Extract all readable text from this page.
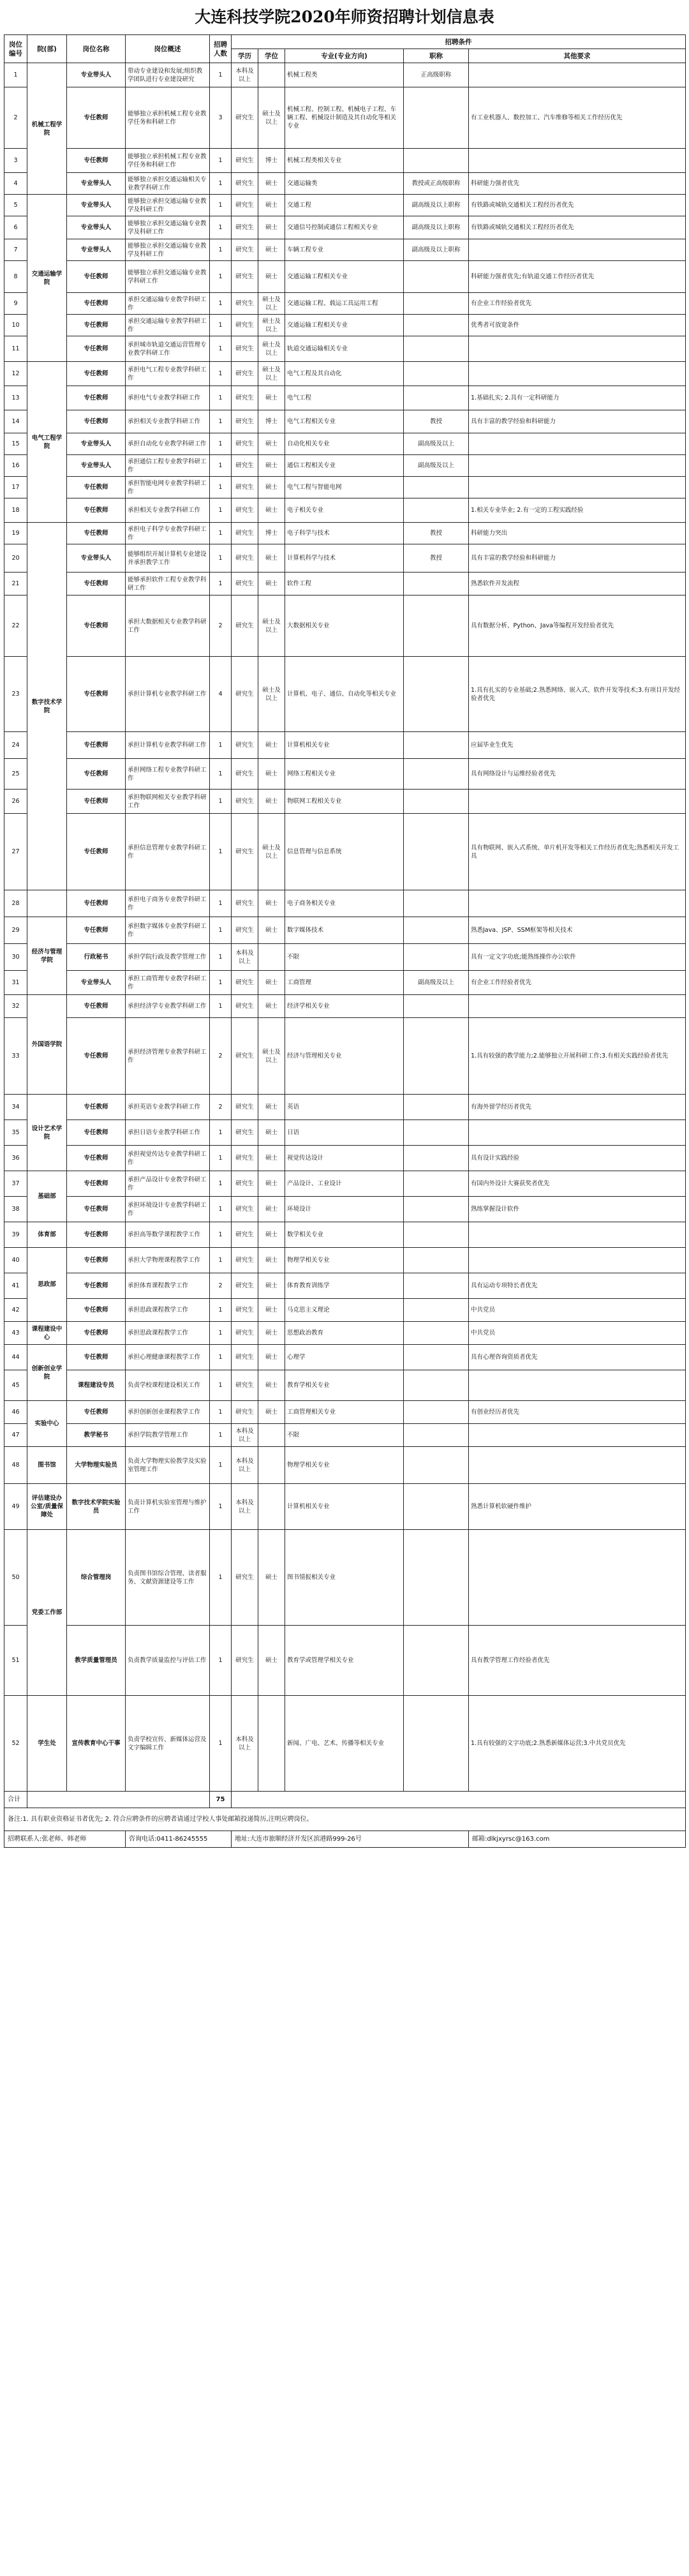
大连科技学院2020年师资招聘计划信息表
岗位编号	院(部)	岗位名称	岗位概述	招聘人数	招聘条件				
					学历	学位	专业(专业方向)	职称	其他要求
1	机械工程学院	专业带头人	带动专业建设和发展;组织教学团队进行专业建设研究	1	本科及以上		机械工程类	正高级职称	
2		专任教师	能够独立承担机械工程专业教学任务和科研工作	3	研究生	硕士及以上	机械工程、控制工程、机械电子工程、车辆工程、机械设计制造及其自动化等相关专业		有工业机器人、数控加工、汽车维修等相关工作经历优先
3		专任教师	能够独立承担机械工程专业教学任务和科研工作	1	研究生	博士	机械工程类相关专业		
4		专业带头人	能够独立承担交通运输相关专业教学科研工作	1	研究生	硕士	交通运输类	教授或正高级职称	科研能力强者优先
5	交通运输学院	专业带头人	能够独立承担交通运输专业教学及科研工作	1	研究生	硕士	交通工程	副高级及以上职称	有铁路或城轨交通相关工程经历者优先
6		专业带头人	能够独立承担交通运输专业教学及科研工作	1	研究生	硕士	交通信号控制或通信工程相关专业	副高级及以上职称	有铁路或城轨交通相关工程经历者优先
7		专业带头人	能够独立承担交通运输专业教学及科研工作	1	研究生	硕士	车辆工程专业	副高级及以上职称	
8		专任教师	能够独立承担交通运输专业教学科研工作	1	研究生	硕士	交通运输工程相关专业		科研能力强者优先;有轨道交通工作经历者优先
9		专任教师	承担交通运输专业教学科研工作	1	研究生	硕士及以上	交通运输工程、载运工具运用工程		有企业工作经验者优先
10		专任教师	承担交通运输专业教学科研工作	1	研究生	硕士及以上	交通运输工程相关专业		优秀者可放宽条件
11		专任教师	承担城市轨道交通运营管理专业教学科研工作	1	研究生	硕士及以上	轨道交通运输相关专业		
12	电气工程学院	专任教师	承担电气工程专业教学科研工作	1	研究生	硕士及以上	电气工程及其自动化		
13		专任教师	承担电气专业教学科研工作	1	研究生	硕士	电气工程		1.基础扎实; 2.具有一定科研能力
14		专任教师	承担相关专业教学科研工作	1	研究生	博士	电气工程相关专业	教授	具有丰富的教学经验和科研能力
15		专业带头人	承担自动化专业教学科研工作	1	研究生	硕士	自动化相关专业	副高级及以上	
16		专业带头人	承担通信工程专业教学科研工作	1	研究生	硕士	通信工程相关专业	副高级及以上	
17		专任教师	承担智能电网专业教学科研工作	1	研究生	硕士	电气工程与智能电网		
18		专任教师	承担相关专业教学科研工作	1	研究生	硕士	电子相关专业		1.相关专业毕业; 2.有一定的工程实践经验
19	数字技术学院	专任教师	承担电子科学专业教学科研工作	1	研究生	博士	电子科学与技术	教授	科研能力突出
20		专业带头人	能够组织开展计算机专业建设并承担教学工作	1	研究生	硕士	计算机科学与技术	教授	具有丰富的教学经验和科研能力
21		专任教师	能够承担软件工程专业教学科研工作	1	研究生	硕士	软件工程		熟悉软件开发流程
22		专任教师	承担大数据相关专业教学科研工作	2	研究生	硕士及以上	大数据相关专业		具有数据分析、Python、Java等编程开发经验者优先
23		专任教师	承担计算机专业教学科研工作	4	研究生	硕士及以上	计算机、电子、通信、自动化等相关专业		1.具有扎实的专业基础;2.熟悉网络、嵌入式、软件开发等技术;3.有项目开发经验者优先
24		专任教师	承担计算机专业教学科研工作	1	研究生	硕士	计算机相关专业		应届毕业生优先
25		专任教师	承担网络工程专业教学科研工作	1	研究生	硕士	网络工程相关专业		具有网络设计与运维经验者优先
26		专任教师	承担物联网相关专业教学科研工作	1	研究生	硕士	物联网工程相关专业		
27		专任教师	承担信息管理专业教学科研工作	1	研究生	硕士及以上	信息管理与信息系统		具有物联网、嵌入式系统、单片机开发等相关工作经历者优先;熟悉相关开发工具
28		专任教师	承担电子商务专业教学科研工作	1	研究生	硕士	电子商务相关专业		
29	经济与管理学院	专任教师	承担数字媒体专业教学科研工作	1	研究生	硕士	数字媒体技术		熟悉Java、JSP、SSM框架等相关技术
30		行政秘书	承担学院行政及教学管理工作	1	本科及以上		不限		具有一定文字功底;能熟练操作办公软件
31		专业带头人	承担工商管理专业教学科研工作	1	研究生	硕士	工商管理	副高级及以上	有企业工作经验者优先
32	外国语学院	专任教师	承担经济学专业教学科研工作	1	研究生	硕士	经济学相关专业		
33		专任教师	承担经济管理专业教学科研工作	2	研究生	硕士及以上	经济与管理相关专业		1.具有较强的教学能力;2.能够独立开展科研工作;3.有相关实践经验者优先
34	设计艺术学院	专任教师	承担英语专业教学科研工作	2	研究生	硕士	英语		有海外留学经历者优先
35		专任教师	承担日语专业教学科研工作	1	研究生	硕士	日语		
36		专任教师	承担视觉传达专业教学科研工作	1	研究生	硕士	视觉传达设计		具有设计实践经验
37	基础部	专任教师	承担产品设计专业教学科研工作	1	研究生	硕士	产品设计、工业设计		有国内外设计大赛获奖者优先
38		专任教师	承担环境设计专业教学科研工作	1	研究生	硕士	环境设计		熟练掌握设计软件
39	体育部	专任教师	承担高等数学课程教学工作	1	研究生	硕士	数学相关专业		
40	思政部	专任教师	承担大学物理课程教学工作	1	研究生	硕士	物理学相关专业		
41		专任教师	承担体育课程教学工作	2	研究生	硕士	体育教育训练学		具有运动专项特长者优先
42		专任教师	承担思政课程教学工作	1	研究生	硕士	马克思主义理论		中共党员
43	课程建设中心	专任教师	承担思政课程教学工作	1	研究生	硕士	思想政治教育		中共党员
44	创新创业学院	专任教师	承担心理健康课程教学工作	1	研究生	硕士	心理学		具有心理咨询资质者优先
45		课程建设专员	负责学校课程建设相关工作	1	研究生	硕士	教育学相关专业		
46	实验中心	专任教师	承担创新创业课程教学工作	1	研究生	硕士	工商管理相关专业		有创业经历者优先
47		教学秘书	承担学院教学管理工作	1	本科及以上		不限		
48	图书馆	大学物理实验员	负责大学物理实验教学及实验室管理工作	1	本科及以上		物理学相关专业		
49	评估建设办公室/质量保障处	数字技术学院实验员	负责计算机实验室管理与维护工作	1	本科及以上		计算机相关专业		熟悉计算机软硬件维护
50	党委工作部	综合管理岗	负责图书馆综合管理、读者服务、文献资源建设等工作	1	研究生	硕士	图书情报相关专业		
51		教学质量管理员	负责教学质量监控与评估工作	1	研究生	硕士	教育学或管理学相关专业		具有教学管理工作经验者优先
52	学生处	宣传教育中心干事	负责学校宣传、新媒体运营及文字编辑工作	1	本科及以上		新闻、广电、艺术、传播等相关专业		1.具有较强的文字功底;2.熟悉新媒体运营;3.中共党员优先
合计				75					
备注:1. 具有职业资格证书者优先; 2. 符合应聘条件的应聘者请通过学校人事处邮箱投递简历,注明应聘岗位。									
招聘联系人:张老师、韩老师			咨询电话:0411-86245555		地址:大连市旅顺经济开发区滨港路999-26号				邮箱:dlkjxyrsc@163.com
